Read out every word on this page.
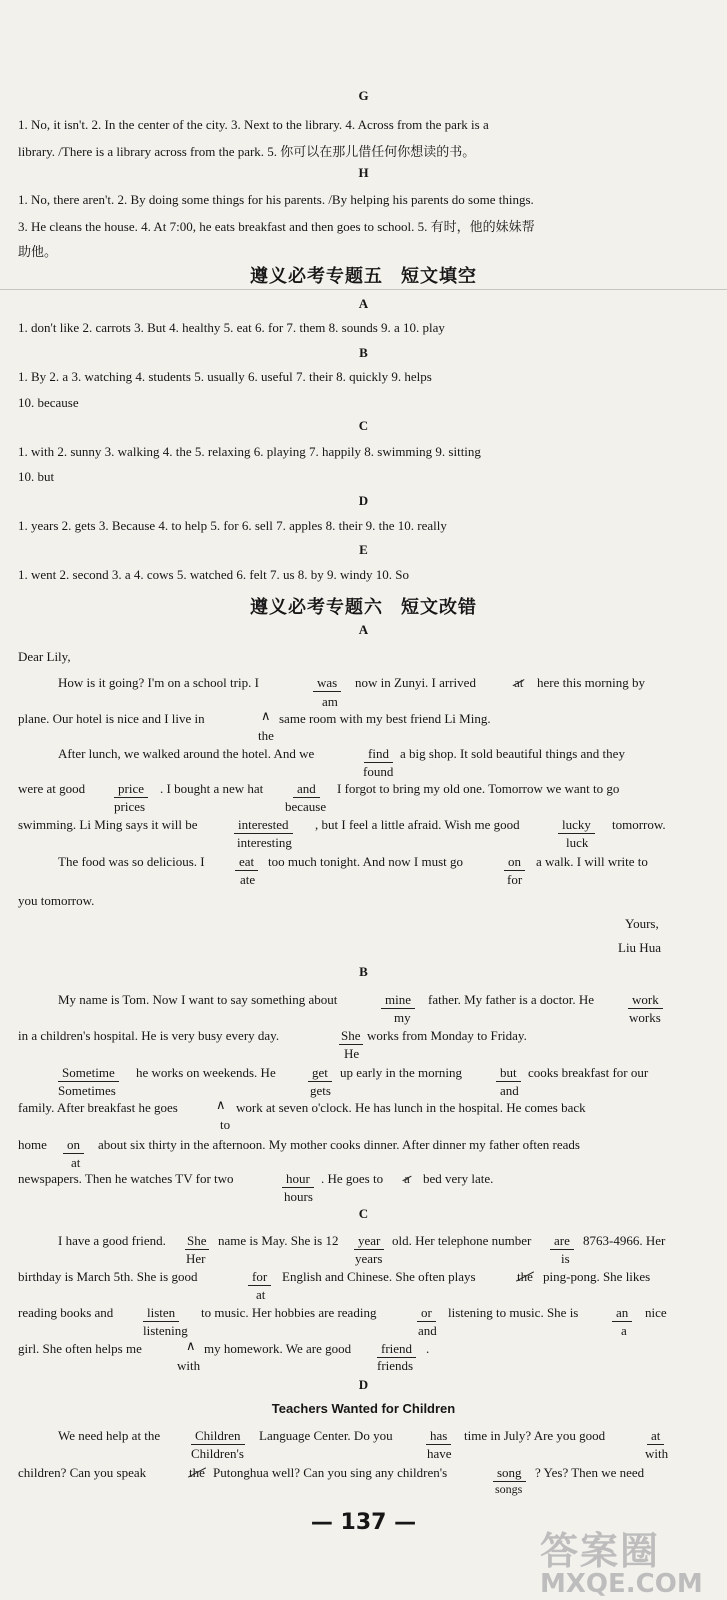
G
1. No, it isn't. 2. In the center of the city. 3. Next to the library. 4. Across from the park is a
library. /There is a library across from the park. 5. 你可以在那儿借任何你想读的书。
H
1. No, there aren't. 2. By doing some things for his parents. /By helping his parents do some things.
3. He cleans the house. 4. At 7:00, he eats breakfast and then goes to school. 5. 有时，他的妹妹帮
助他。
遵义必考专题五 短文填空
A
1. don't like 2. carrots 3. But 4. healthy 5. eat 6. for 7. them 8. sounds 9. a 10. play
B
1. By 2. a 3. watching 4. students 5. usually 6. useful 7. their 8. quickly 9. helps
10. because
C
1. with 2. sunny 3. walking 4. the 5. relaxing 6. playing 7. happily 8. swimming 9. sitting
10. but
D
1. years 2. gets 3. Because 4. to help 5. for 6. sell 7. apples 8. their 9. the 10. really
E
1. went 2. second 3. a 4. cows 5. watched 6. felt 7. us 8. by 9. windy 10. So
遵义必考专题六 短文改错
A
Dear Lily,
How is it going? I'm on a school trip. I	was
am
now in Zunyi. I arrived	at here this morning by
plane. Our hotel is nice and I live in	∧
the
same room with my best friend Li Ming.
After lunch, we walked around the hotel. And we	find
found
a big shop. It sold beautiful things and they
were at good	price
prices
. I bought a new hat	and
because
I forgot to bring my old one. Tomorrow we want to go
swimming. Li Ming says it will be	interested
interesting
, but I feel a little afraid. Wish me good	lucky
luck
tomorrow.
The food was so delicious. I	eat
ate
too much tonight. And now I must go	on
for
a walk. I will write to
you tomorrow.
Yours,
Liu Hua
B
My name is Tom. Now I want to say something about	mine
my
father. My father is a doctor. He	work
works
in a children's hospital. He is very busy every day.	She
He
works from Monday to Friday.
Sometime
Sometimes
he works on weekends. He	get
gets
up early in the morning	but
and
cooks breakfast for our
family. After breakfast he goes	∧
to
work at seven o'clock. He has lunch in the hospital. He comes back
home	on
at
about six thirty in the afternoon. My mother cooks dinner. After dinner my father often reads
newspapers. Then he watches TV for two	hour
hours
. He goes to a bed very late.
C
I have a good friend. She
Her
name is May. She is 12	year
years
old. Her telephone number	are
is
8763-4966. Her
birthday is March 5th. She is good	for
at
English and Chinese. She often plays	the ping-pong. She likes
reading books and	listen
listening
to music. Her hobbies are reading	or
and
listening to music. She is	an
a
nice
girl. She often helps me	∧
with
my homework. We are good	friend
friends
.
D
Teachers Wanted for Children
We need help at the	Children
Children's
Language Center. Do you	has
have
time in July? Are you good	at
with
children? Can you speak	the Putonghua well? Can you sing any children's	song
songs
? Yes? Then we need
— 137 —
答案圈
MXQE.COM
